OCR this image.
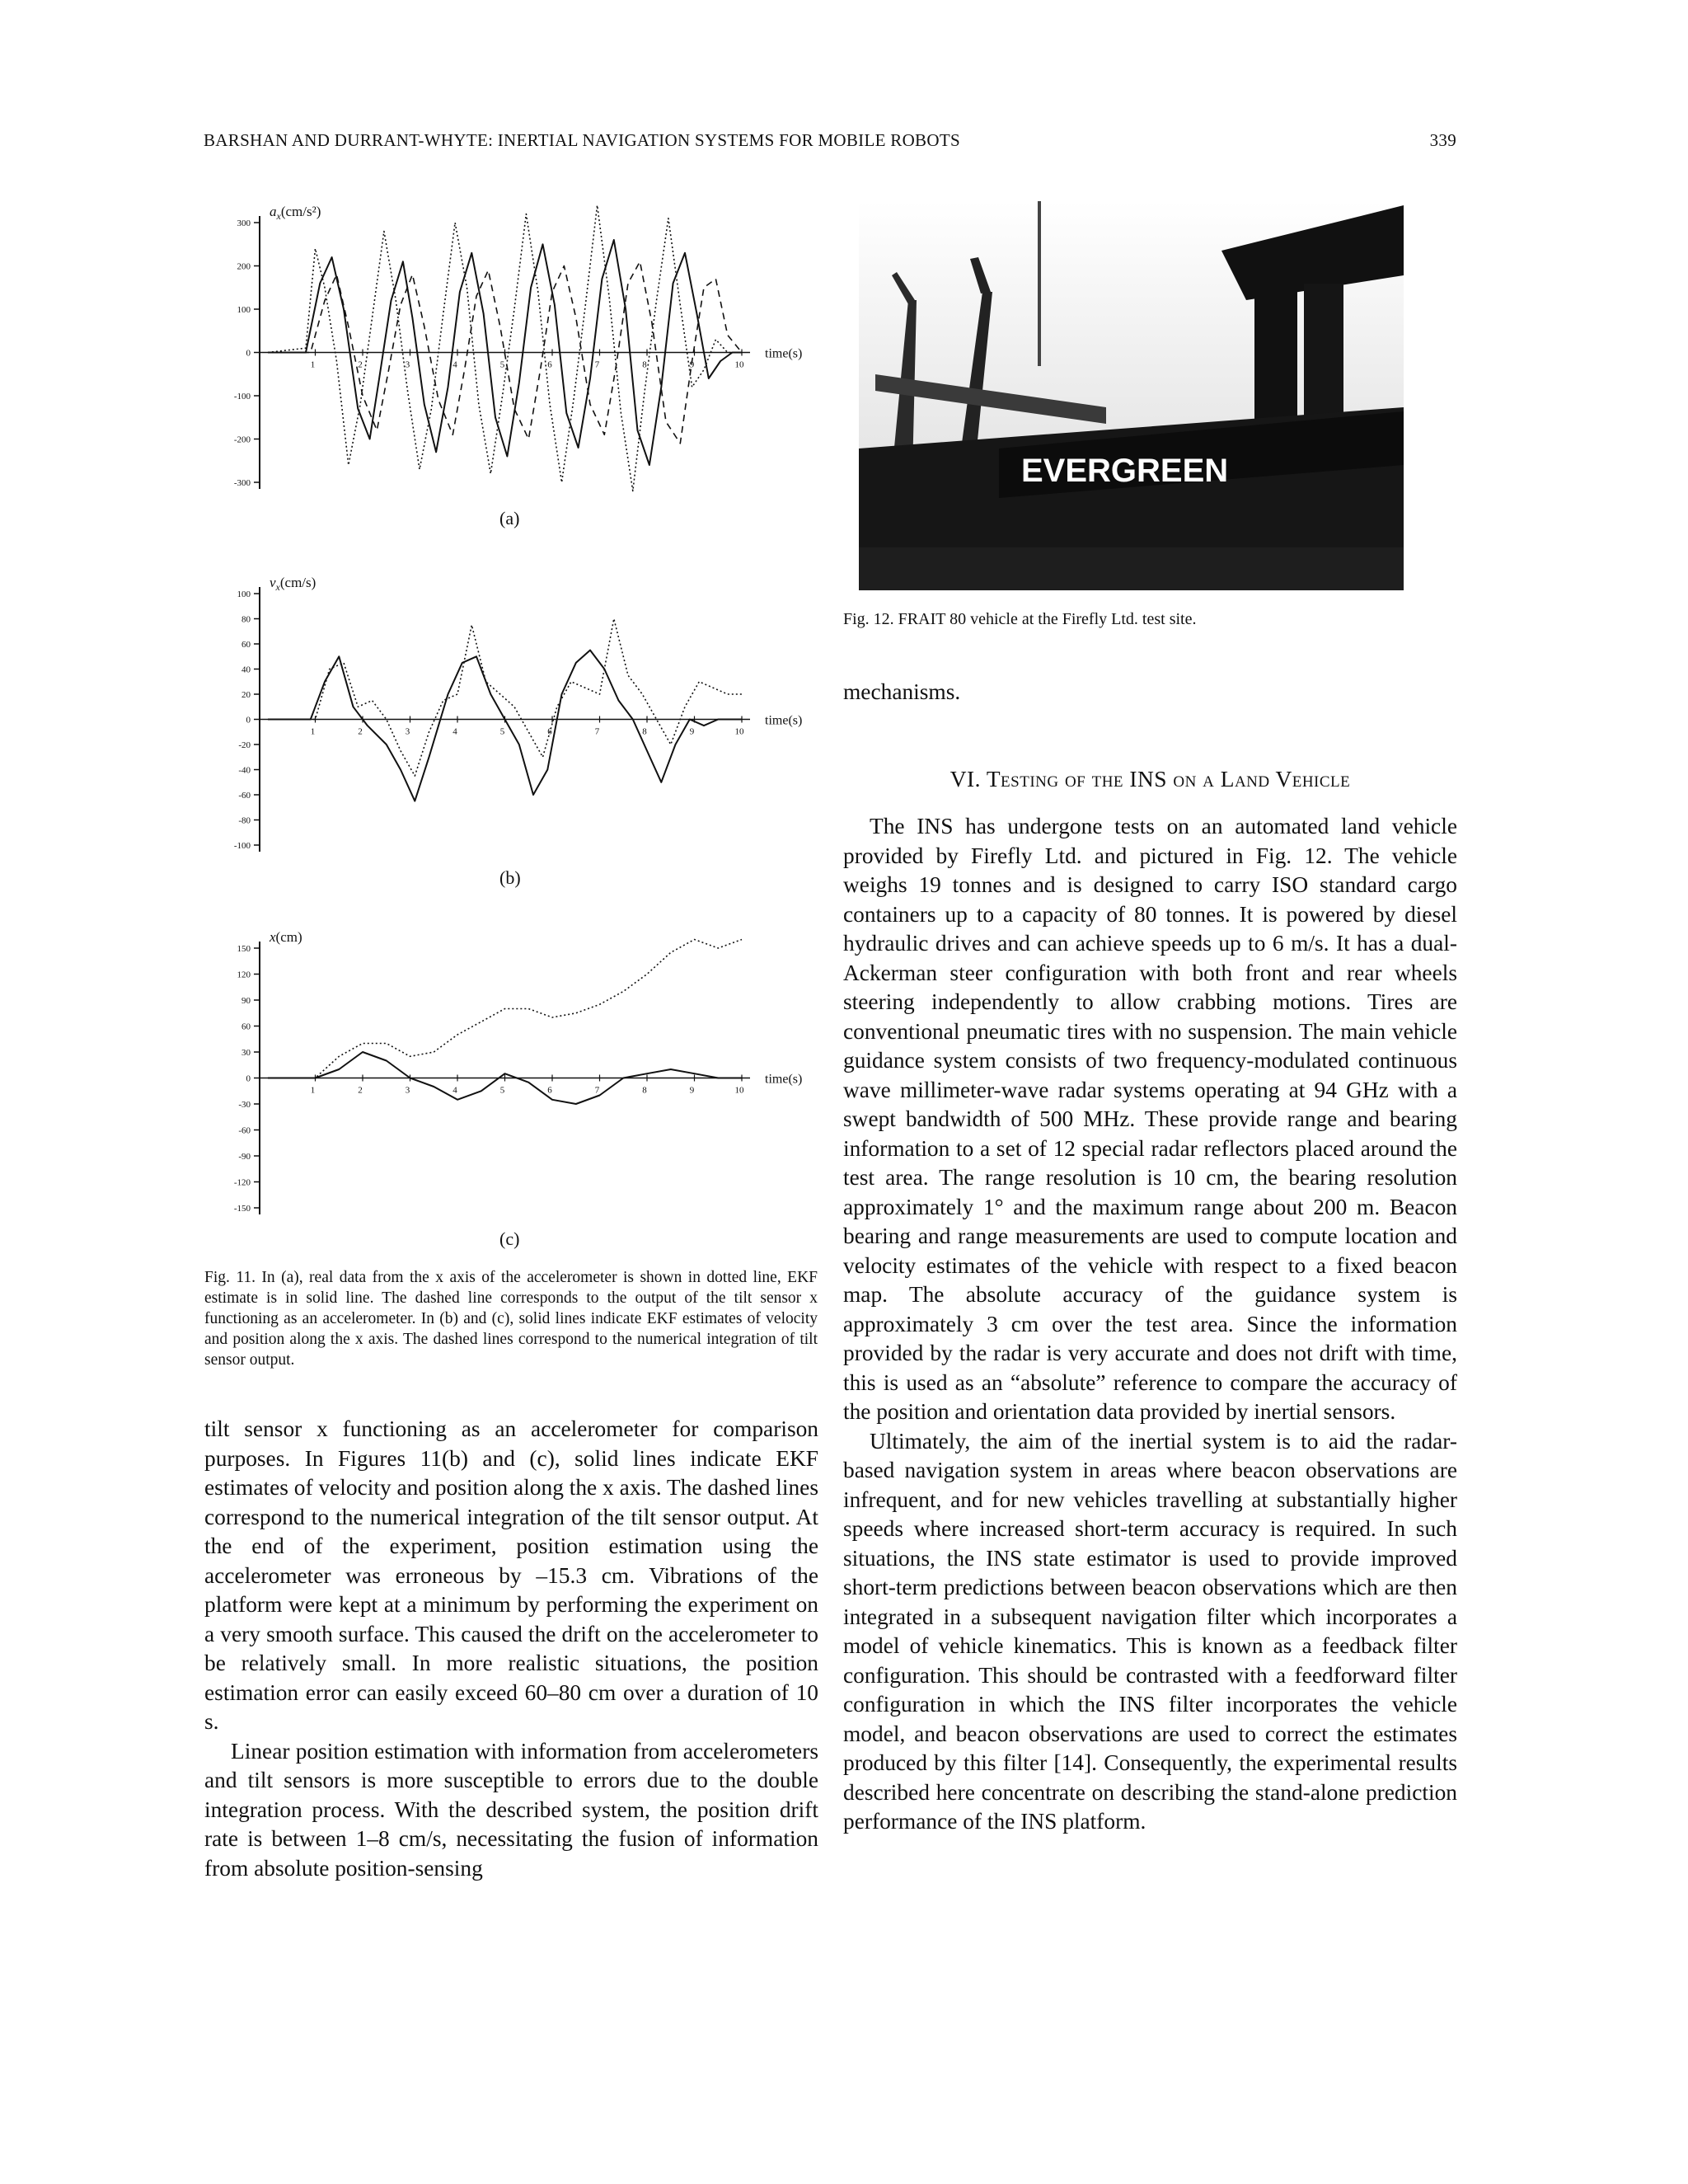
BARSHAN AND DURRANT-WHYTE: INERTIAL NAVIGATION SYSTEMS FOR MOBILE ROBOTS	339
300
200
100
0
-100
-200
-300
1	2	3	4	5	6	7	8	9	10
time(s)
$a_x(cm/s^2)$
(a)
100
80
60
40
20
0
-20
-40
-60
-80
-100
1	2	3	4	5	6	7	8	9	10
time(s)
$v_x(cm/s)$
(b)
150
120
90
60
30
0
-30
-60
-90
-120
-150
1	2	3	4	5	6	7	8	9	10
time(s)
x(cm)
(c)
Fig. 11. In (a), real data from the x axis of the accelerometer is shown in dotted line, EKF estimate is in solid line. The dashed line corresponds to the output of the tilt sensor x functioning as an accelerometer. In (b) and (c), solid lines indicate EKF estimates of velocity and position along the x axis. The dashed lines correspond to the numerical integration of tilt sensor output.
EVERGREEN
Fig. 12. FRAIT 80 vehicle at the Firefly Ltd. test site.

tilt sensor x functioning as an accelerometer for comparison purposes. In Figures 11(b) and (c), solid lines indicate EKF estimates of velocity and position along the x axis. The dashed lines correspond to the numerical integration of the tilt sensor output. At the end of the experiment, position estimation using the accelerometer was erroneous by –15.3 cm. Vibrations of the platform were kept at a minimum by performing the experiment on a very smooth surface. This caused the drift on the accelerometer to be relatively small. In more realistic situations, the position estimation error can easily exceed 60–80 cm over a duration of 10 s.

Linear position estimation with information from accelerometers and tilt sensors is more susceptible to errors due to the double integration process. With the described system, the position drift rate is between 1–8 cm/s, necessitating the fusion of information from absolute position-sensing

mechanisms.

VI. Testing of the INS on a Land Vehicle

The INS has undergone tests on an automated land vehicle provided by Firefly Ltd. and pictured in Fig. 12. The vehicle weighs 19 tonnes and is designed to carry ISO standard cargo containers up to a capacity of 80 tonnes. It is powered by diesel hydraulic drives and can achieve speeds up to 6 m/s. It has a dual-Ackerman steer configuration with both front and rear wheels steering independently to allow crabbing motions. Tires are conventional pneumatic tires with no suspension. The main vehicle guidance system consists of two frequency-modulated continuous wave millimeter-wave radar systems operating at 94 GHz with a swept bandwidth of 500 MHz. These provide range and bearing information to a set of 12 special radar reflectors placed around the test area. The range resolution is 10 cm, the bearing resolution approximately 1° and the maximum range about 200 m. Beacon bearing and range measurements are used to compute location and velocity estimates of the vehicle with respect to a fixed beacon map. The absolute accuracy of the guidance system is approximately 3 cm over the test area. Since the information provided by the radar is very accurate and does not drift with time, this is used as an “absolute” reference to compare the accuracy of the position and orientation data provided by inertial sensors.

Ultimately, the aim of the inertial system is to aid the radar-based navigation system in areas where beacon observations are infrequent, and for new vehicles travelling at substantially higher speeds where increased short-term accuracy is required. In such situations, the INS state estimator is used to provide improved short-term predictions between beacon observations which are then integrated in a subsequent navigation filter which incorporates a model of vehicle kinematics. This is known as a feedback filter configuration. This should be contrasted with a feedforward filter configuration in which the INS filter incorporates the vehicle model, and beacon observations are used to correct the estimates produced by this filter [14]. Consequently, the experimental results described here concentrate on describing the stand-alone prediction performance of the INS platform.
